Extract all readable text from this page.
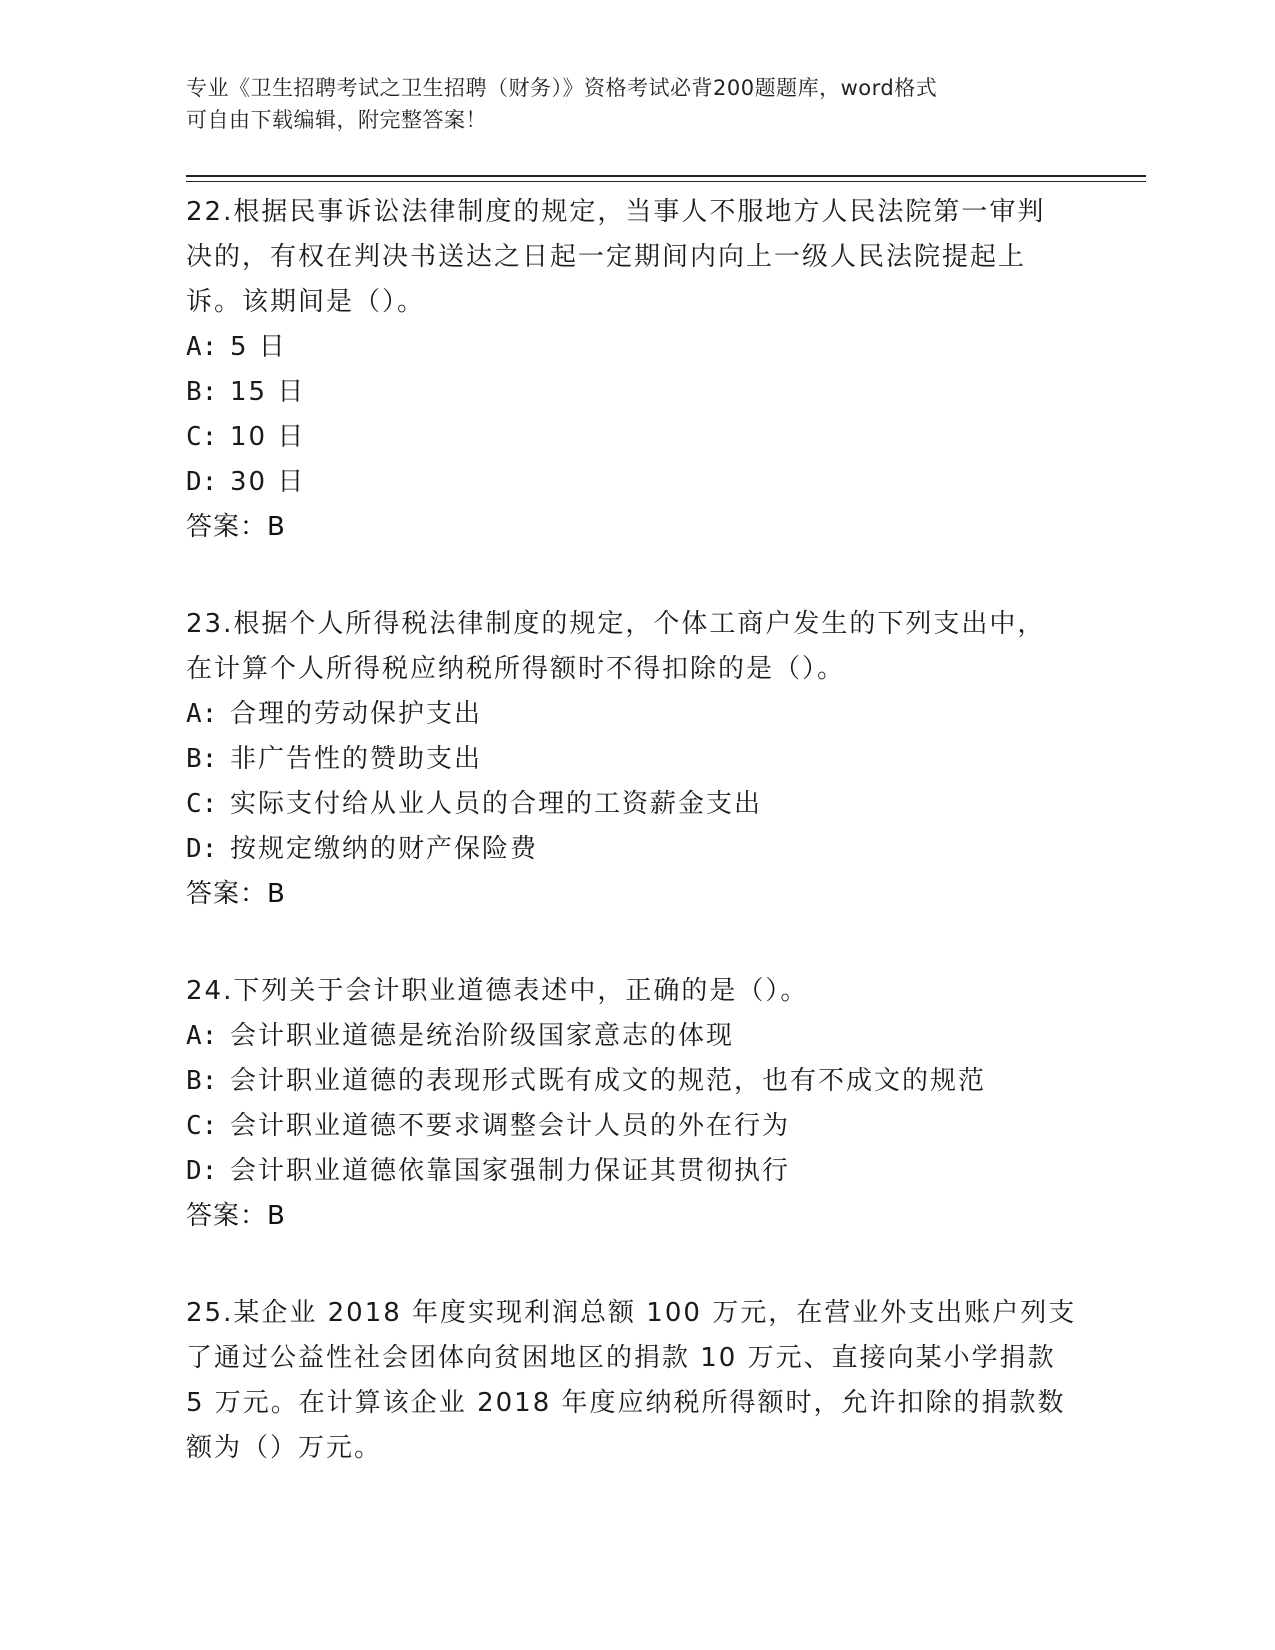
专业《卫生招聘考试之卫生招聘（财务）》资格考试必背200题题库，word格式
可自由下载编辑，附完整答案！
22.根据民事诉讼法律制度的规定，当事人不服地方人民法院第一审判
决的，有权在判决书送达之日起一定期间内向上一级人民法院提起上
诉。该期间是（）。
A: 5 日
B: 15 日
C: 10 日
D: 30 日
答案：B
23.根据个人所得税法律制度的规定，个体工商户发生的下列支出中，
在计算个人所得税应纳税所得额时不得扣除的是（）。
A: 合理的劳动保护支出
B: 非广告性的赞助支出
C: 实际支付给从业人员的合理的工资薪金支出
D: 按规定缴纳的财产保险费
答案：B
24.下列关于会计职业道德表述中，正确的是（）。
A: 会计职业道德是统治阶级国家意志的体现
B: 会计职业道德的表现形式既有成文的规范，也有不成文的规范
C: 会计职业道德不要求调整会计人员的外在行为
D: 会计职业道德依靠国家强制力保证其贯彻执行
答案：B
25.某企业 2018 年度实现利润总额 100 万元，在营业外支出账户列支
了通过公益性社会团体向贫困地区的捐款 10 万元、直接向某小学捐款
5 万元。在计算该企业 2018 年度应纳税所得额时，允许扣除的捐款数
额为（）万元。
